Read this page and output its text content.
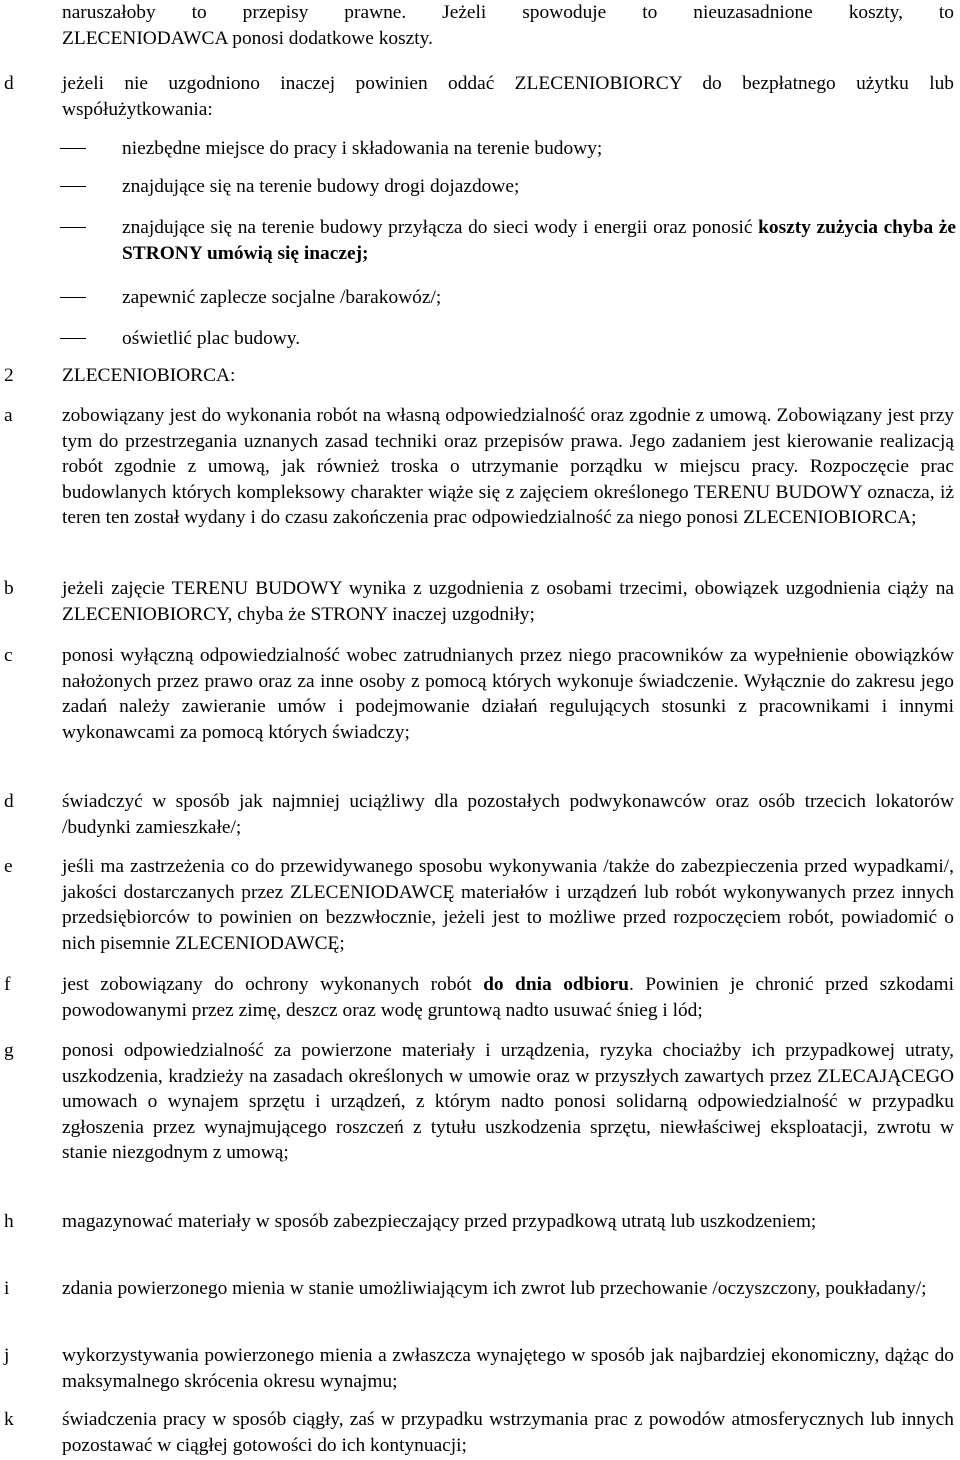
naruszałoby to przepisy prawne. Jeżeli spowoduje to nieuzasadnione koszty, to
ZLECENIODAWCA ponosi dodatkowe koszty.
d jeżeli nie uzgodniono inaczej powinien oddać ZLECENIOBIORCY do bezpłatnego użytku lub współużytkowania:
niezbędne miejsce do pracy i składowania na terenie budowy;
znajdujące się na terenie budowy drogi dojazdowe;
znajdujące się na terenie budowy przyłącza do sieci wody i energii oraz ponosić koszty zużycia chyba że STRONY umówią się inaczej;
zapewnić zaplecze socjalne /barakowóz/;
oświetlić plac budowy.
2 ZLECENIOBIORCA:
a	zobowiązany jest do wykonania robót na własną odpowiedzialność oraz zgodnie z umową. Zobowiązany jest przy tym do przestrzegania uznanych zasad techniki oraz przepisów prawa. Jego zadaniem jest kierowanie realizacją robót zgodnie z umową, jak również troska o utrzymanie porządku w miejscu pracy. Rozpoczęcie prac budowlanych których kompleksowy charakter wiąże się z zajęciem określonego TERENU BUDOWY oznacza, iż teren ten został wydany i do czasu zakończenia prac odpowiedzialność za niego ponosi ZLECENIOBIORCA;
b jeżeli zajęcie TERENU BUDOWY wynika z uzgodnienia z osobami trzecimi, obowiązek uzgodnienia ciąży na ZLECENIOBIORCY, chyba że STRONY inaczej uzgodniły;
c	ponosi wyłączną odpowiedzialność wobec zatrudnianych przez niego pracowników za wypełnienie obowiązków nałożonych przez prawo oraz za inne osoby z pomocą których wykonuje świadczenie. Wyłącznie do zakresu jego zadań należy zawieranie umów i podejmowanie działań regulujących stosunki z pracownikami i innymi wykonawcami za pomocą których świadczy;
d świadczyć w sposób jak najmniej uciążliwy dla pozostałych podwykonawców oraz osób trzecich lokatorów /budynki zamieszkałe/;
e	jeśli ma zastrzeżenia co do przewidywanego sposobu wykonywania /także do zabezpieczenia przed wypadkami/, jakości dostarczanych przez ZLECENIODAWCĘ materiałów i urządzeń lub robót wykonywanych przez innych przedsiębiorców to powinien on bezzwłocznie, jeżeli jest to możliwe przed rozpoczęciem robót, powiadomić o nich pisemnie ZLECENIODAWCĘ;
f	jest zobowiązany do ochrony wykonanych robót do dnia odbioru. Powinien je chronić przed szkodami powodowanymi przez zimę, deszcz oraz wodę gruntową nadto usuwać śnieg i lód;
g ponosi odpowiedzialność za powierzone materiały i urządzenia, ryzyka chociażby ich przypadkowej utraty, uszkodzenia, kradzieży na zasadach określonych w umowie oraz w przyszłych zawartych przez ZLECAJĄCEGO umowach o wynajem sprzętu i urządzeń, z którym nadto ponosi solidarną odpowiedzialność w przypadku zgłoszenia przez wynajmującego roszczeń z tytułu uszkodzenia sprzętu, niewłaściwej eksploatacji, zwrotu w stanie niezgodnym z umową;
h magazynować materiały w sposób zabezpieczający przed przypadkową utratą lub uszkodzeniem;
i	zdania powierzonego mienia w stanie umożliwiającym ich zwrot lub przechowanie /oczyszczony, poukładany/;
j	wykorzystywania powierzonego mienia a zwłaszcza wynajętego w sposób jak najbardziej ekonomiczny, dążąc do maksymalnego skrócenia okresu wynajmu;
k świadczenia pracy w sposób ciągły, zaś w przypadku wstrzymania prac z powodów atmosferycznych lub innych pozostawać w ciągłej gotowości do ich kontynuacji;
